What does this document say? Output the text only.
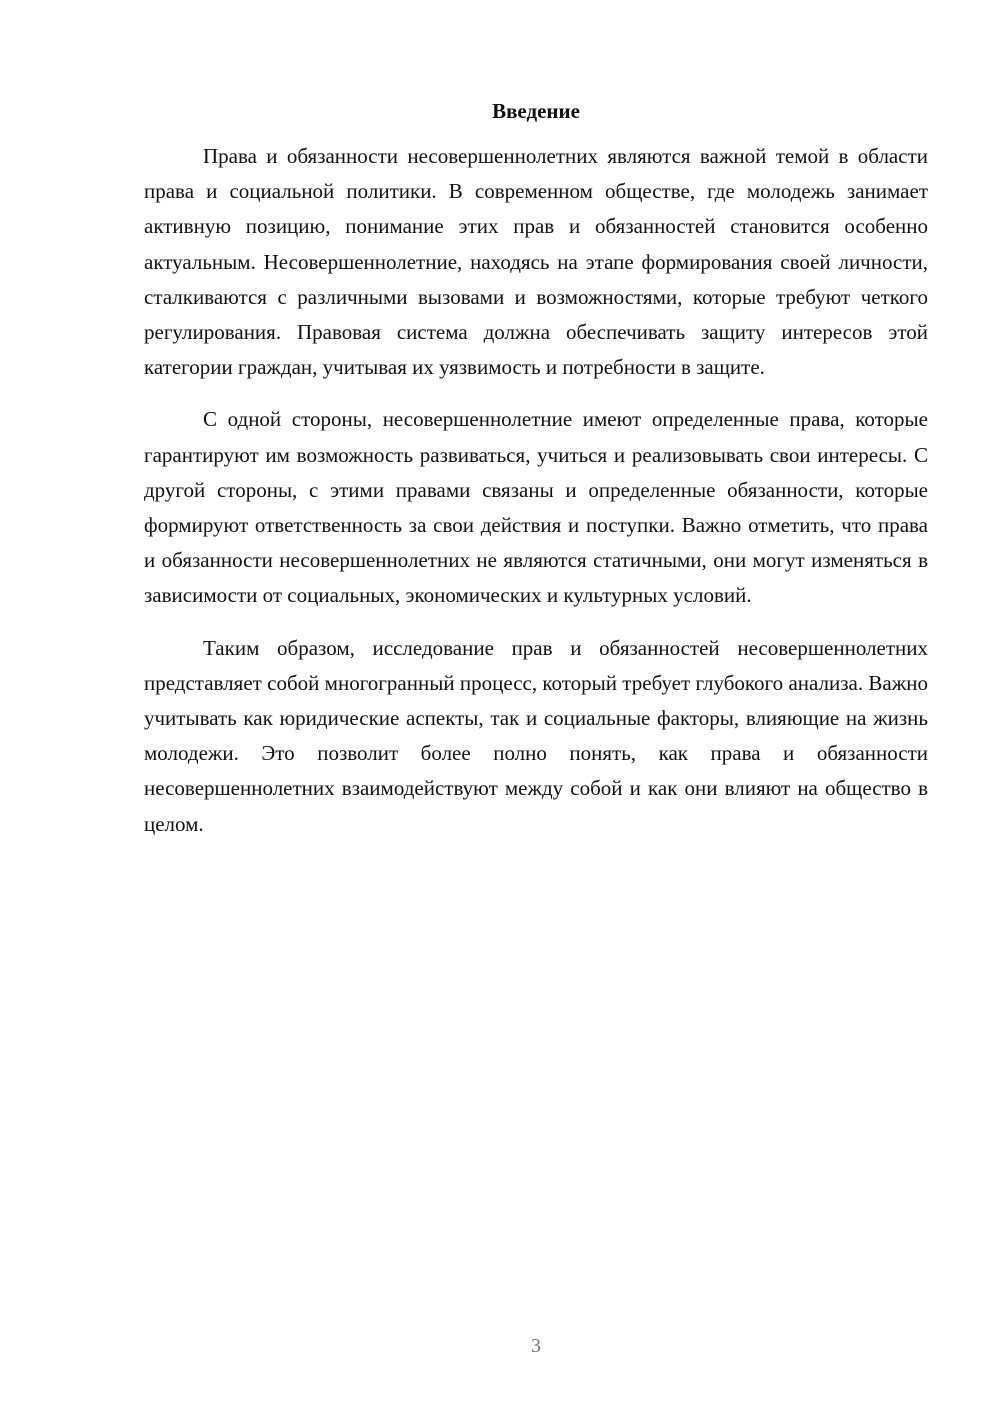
Введение

Права и обязанности несовершеннолетних являются важной темой в области права и социальной политики. В современном обществе, где молодежь занимает активную позицию, понимание этих прав и обязанностей становится особенно актуальным. Несовершеннолетние, находясь на этапе формирования своей личности, сталкиваются с различными вызовами и возможностями, которые требуют четкого регулирования. Правовая система должна обеспечивать защиту интересов этой категории граждан, учитывая их уязвимость и потребности в защите.

С одной стороны, несовершеннолетние имеют определенные права, которые гарантируют им возможность развиваться, учиться и реализовывать свои интересы. С другой стороны, с этими правами связаны и определенные обязанности, которые формируют ответственность за свои действия и поступки. Важно отметить, что права и обязанности несовершеннолетних не являются статичными, они могут изменяться в зависимости от социальных, экономических и культурных условий.

Таким образом, исследование прав и обязанностей несовершеннолетних представляет собой многогранный процесс, который требует глубокого анализа. Важно учитывать как юридические аспекты, так и социальные факторы, влияющие на жизнь молодежи. Это позволит более полно понять, как права и обязанности несовершеннолетних взаимодействуют между собой и как они влияют на общество в целом.

3
